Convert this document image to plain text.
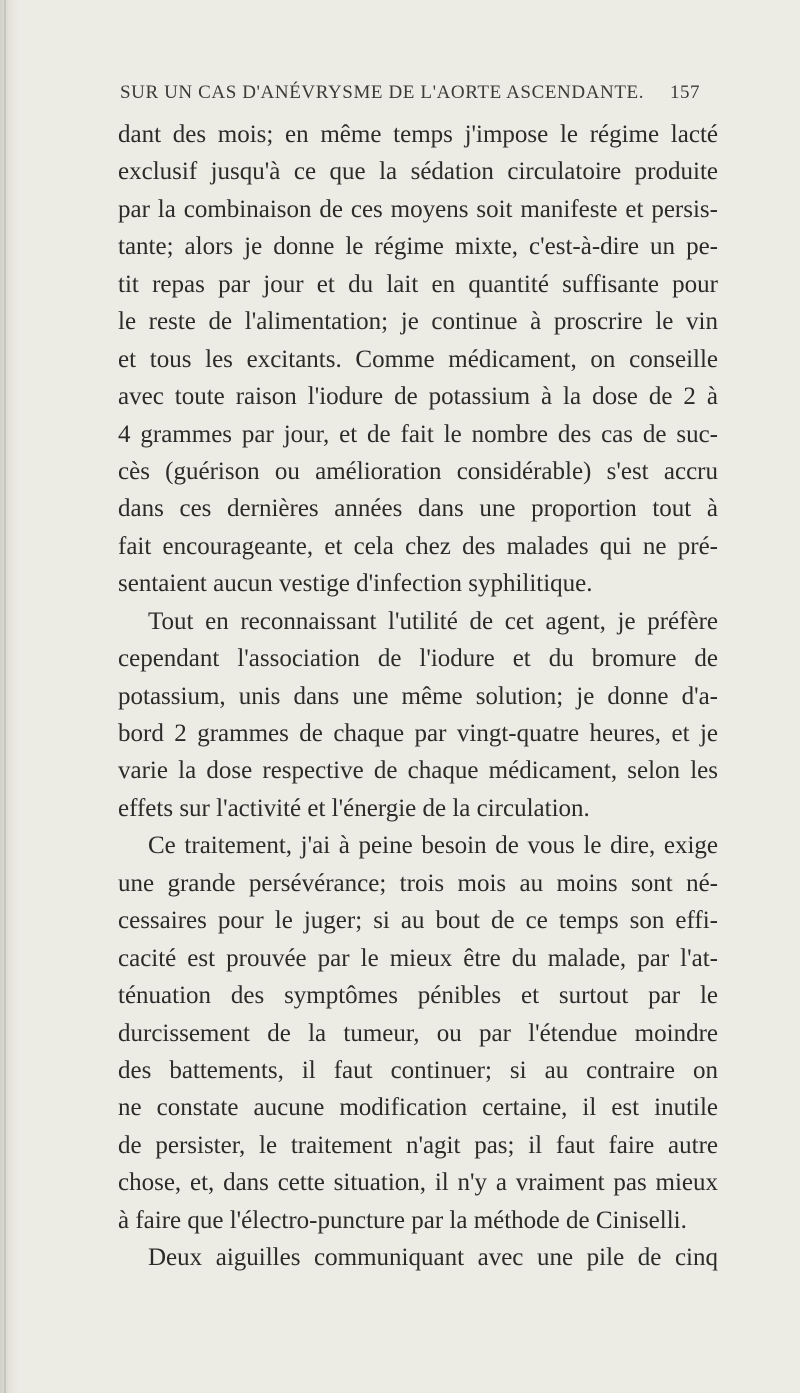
SUR UN CAS D'ANÉVRYSME DE L'AORTE ASCENDANTE. 157
dant des mois; en même temps j'impose le régime lacté
exclusif jusqu'à ce que la sédation circulatoire produite
par la combinaison de ces moyens soit manifeste et persis-
tante; alors je donne le régime mixte, c'est-à-dire un pe-
tit repas par jour et du lait en quantité suffisante pour
le reste de l'alimentation; je continue à proscrire le vin
et tous les excitants. Comme médicament, on conseille
avec toute raison l'iodure de potassium à la dose de 2 à
4 grammes par jour, et de fait le nombre des cas de suc-
cès (guérison ou amélioration considérable) s'est accru
dans ces dernières années dans une proportion tout à
fait encourageante, et cela chez des malades qui ne pré-
sentaient aucun vestige d'infection syphilitique.
Tout en reconnaissant l'utilité de cet agent, je préfère
cependant l'association de l'iodure et du bromure de
potassium, unis dans une même solution; je donne d'a-
bord 2 grammes de chaque par vingt-quatre heures, et je
varie la dose respective de chaque médicament, selon les
effets sur l'activité et l'énergie de la circulation.
Ce traitement, j'ai à peine besoin de vous le dire, exige
une grande persévérance; trois mois au moins sont né-
cessaires pour le juger; si au bout de ce temps son effi-
cacité est prouvée par le mieux être du malade, par l'at-
ténuation des symptômes pénibles et surtout par le
durcissement de la tumeur, ou par l'étendue moindre
des battements, il faut continuer; si au contraire on
ne constate aucune modification certaine, il est inutile
de persister, le traitement n'agit pas; il faut faire autre
chose, et, dans cette situation, il n'y a vraiment pas mieux
à faire que l'électro-puncture par la méthode de Ciniselli.
Deux aiguilles communiquant avec une pile de cinq
